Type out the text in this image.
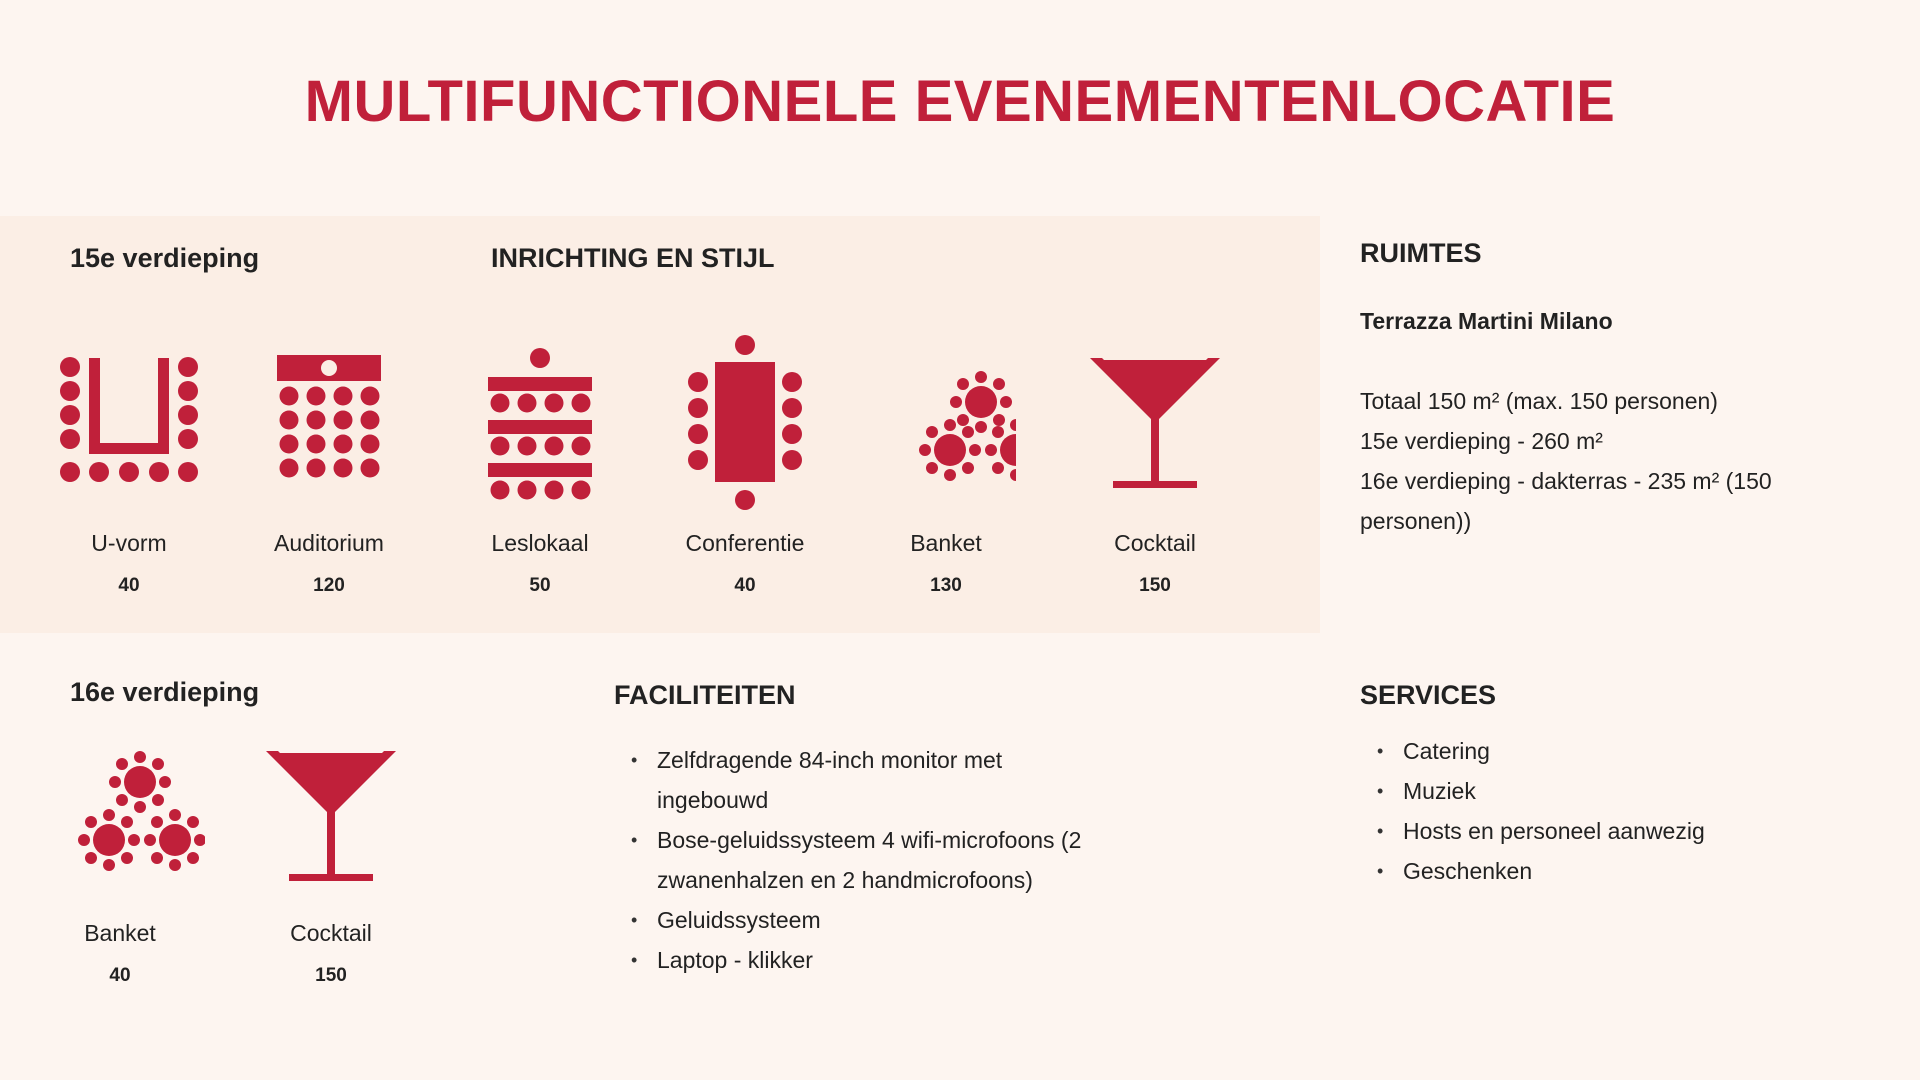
MULTIFUNCTIONELE EVENEMENTENLOCATIE
15e verdieping	INRICHTING EN STIJL
U-vorm
40
Auditorium
120
Leslokaal
50
Conferentie
40
Banket
130
Cocktail
150
16e verdieping
Banket
40
Cocktail
150
FACILITEITEN
• Zelfdragende 84-inch monitor met ingebouwd
• Bose-geluidssysteem 4 wifi-microfoons (2 zwanenhalzen en 2 handmicrofoons)
• Geluidssysteem
• Laptop - klikker
RUIMTES
Terrazza Martini Milano
Totaal 150 m² (max. 150 personen)
15e verdieping - 260 m²
16e verdieping - dakterras - 235 m² (150 personen))
SERVICES
• Catering
• Muziek
• Hosts en personeel aanwezig
• Geschenken
